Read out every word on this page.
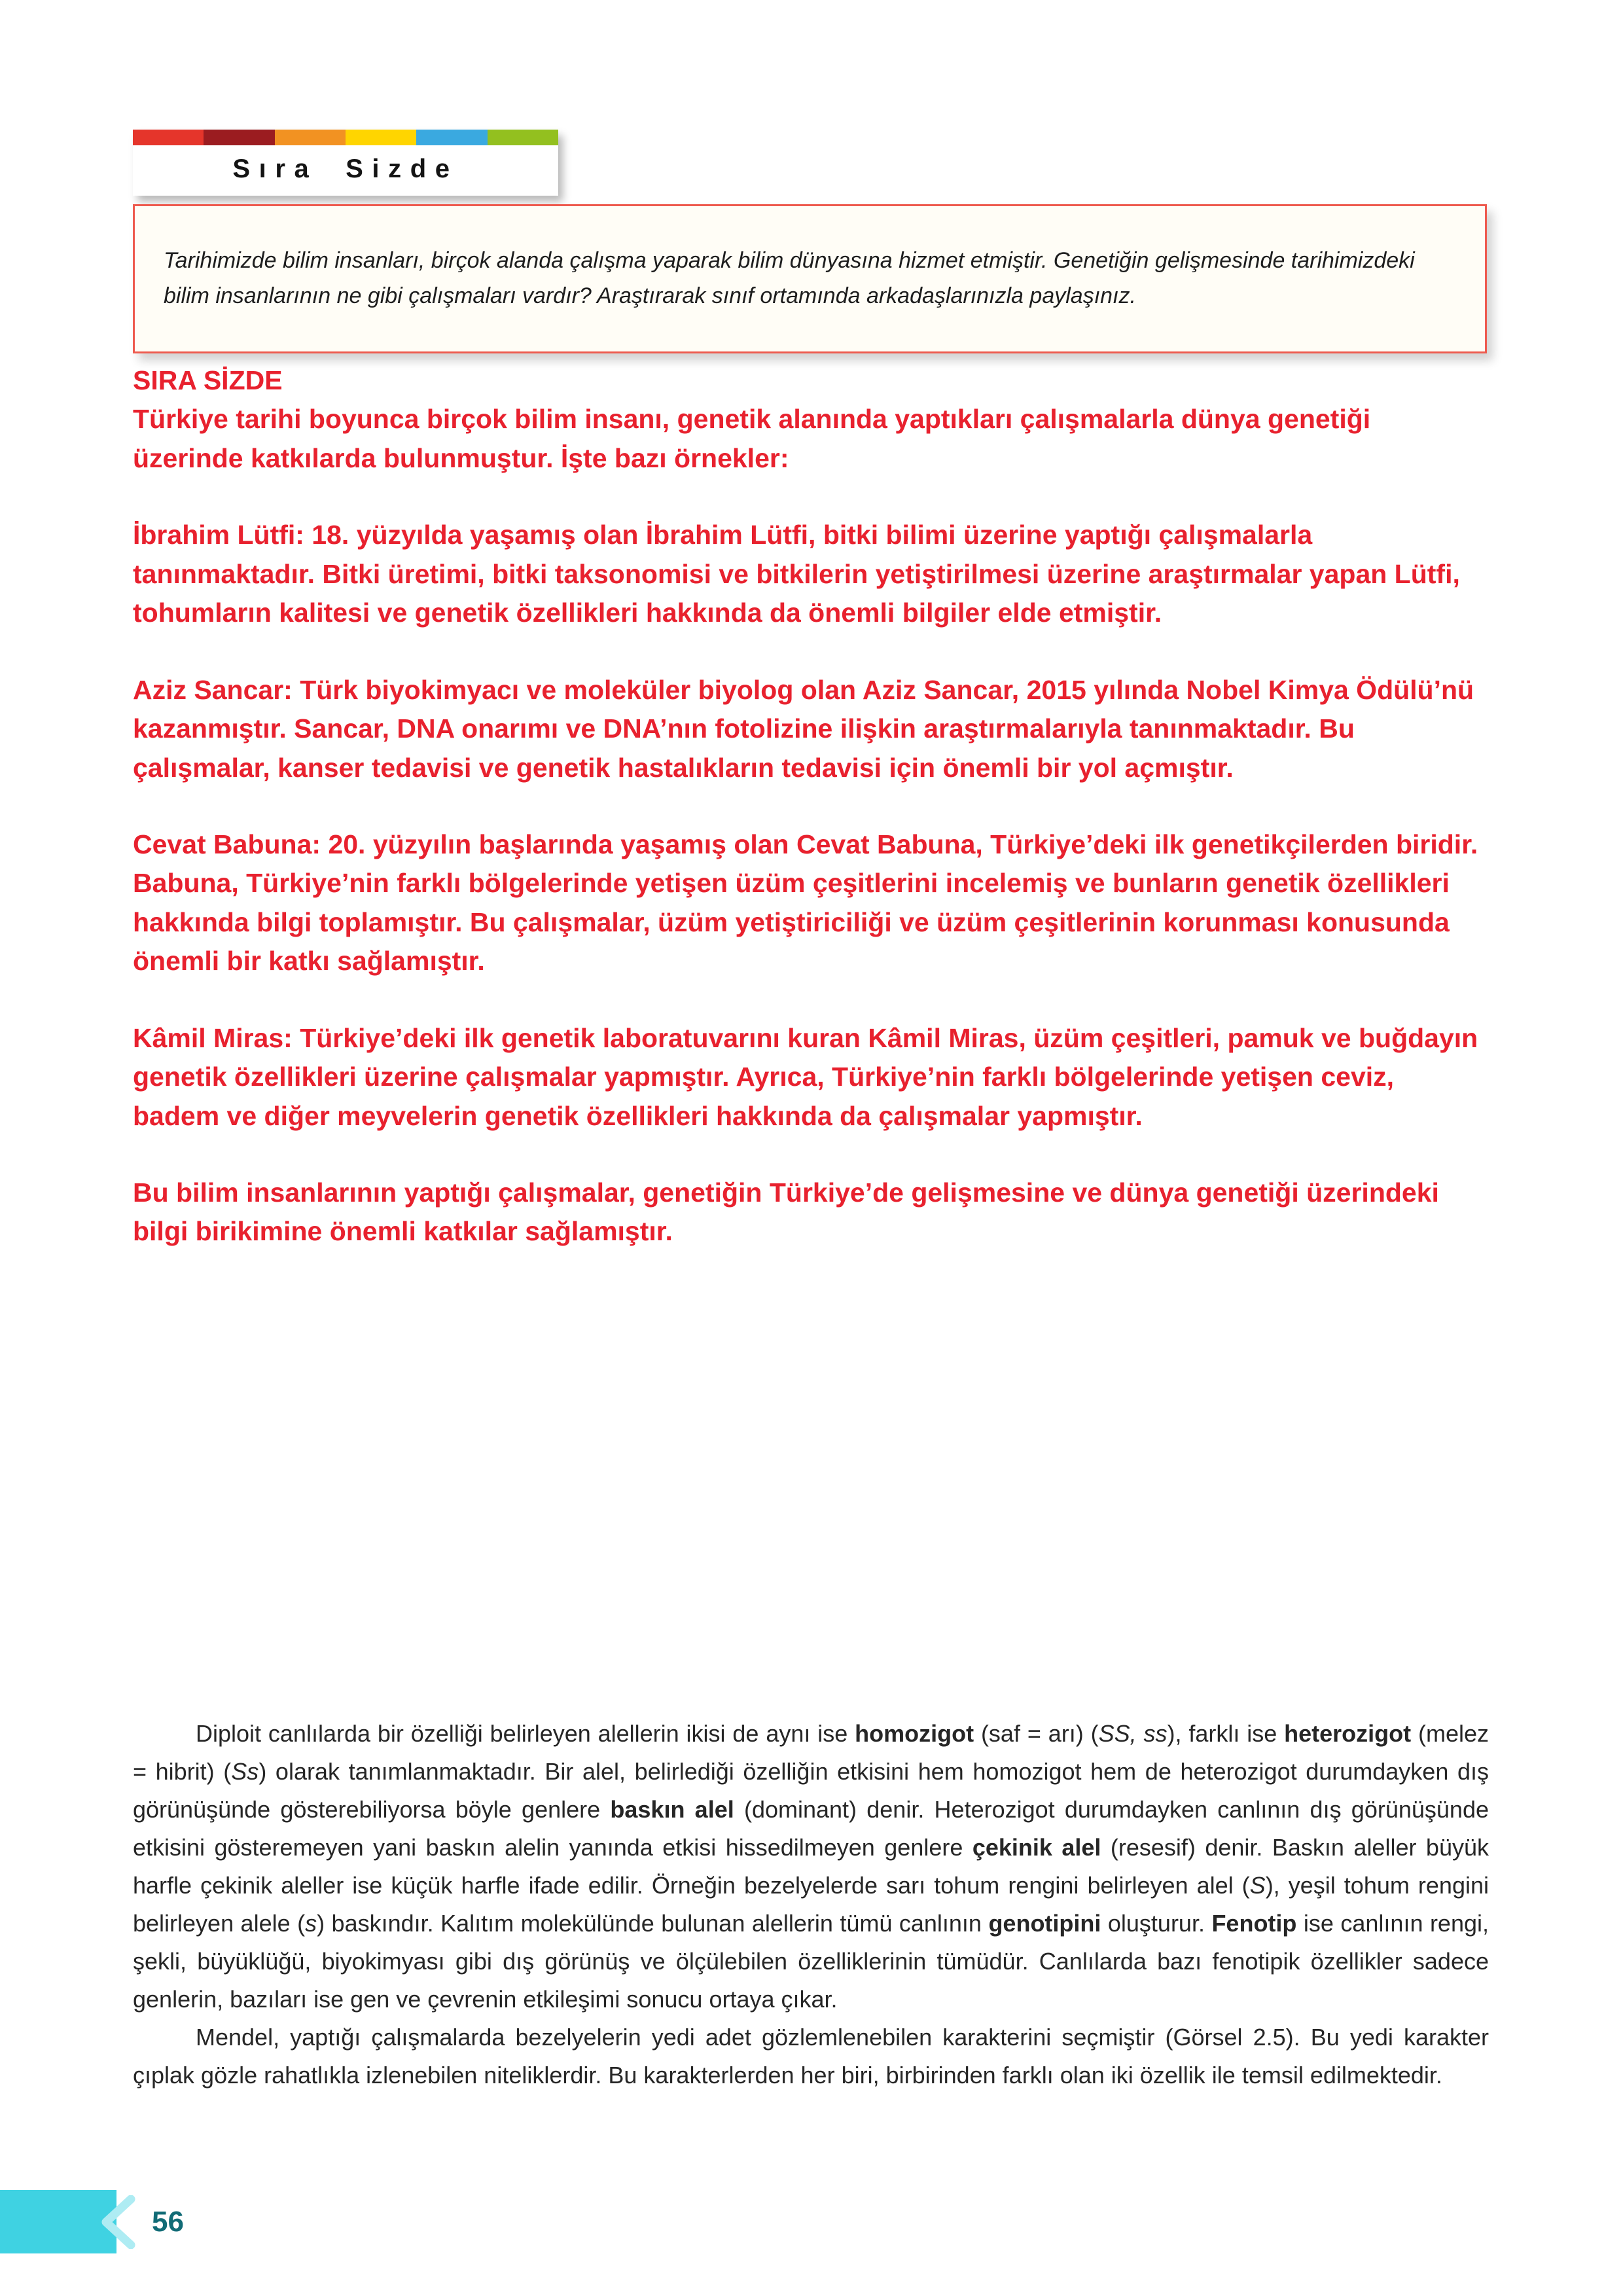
Sıra Sizde

Tarihimizde bilim insanları, birçok alanda çalışma yaparak bilim dünyasına hizmet etmiştir. Genetiğin gelişmesinde tarihimizdeki bilim insanlarının ne gibi çalışmaları vardır? Araştırarak sınıf ortamında arkadaşlarınızla paylaşınız.

SIRA SİZDE

Türkiye tarihi boyunca birçok bilim insanı, genetik alanında yaptıkları çalışmalarla dünya genetiği üzerinde katkılarda bulunmuştur. İşte bazı örnekler:

İbrahim Lütfi: 18. yüzyılda yaşamış olan İbrahim Lütfi, bitki bilimi üzerine yaptığı çalışmalarla tanınmaktadır. Bitki üretimi, bitki taksonomisi ve bitkilerin yetiştirilmesi üzerine araştırmalar yapan Lütfi, tohumların kalitesi ve genetik özellikleri hakkında da önemli bilgiler elde etmiştir.

Aziz Sancar: Türk biyokimyacı ve moleküler biyolog olan Aziz Sancar, 2015 yılında Nobel Kimya Ödülü’nü kazanmıştır. Sancar, DNA onarımı ve DNA’nın fotolizine ilişkin araştırmalarıyla tanınmaktadır. Bu çalışmalar, kanser tedavisi ve genetik hastalıkların tedavisi için önemli bir yol açmıştır.

Cevat Babuna: 20. yüzyılın başlarında yaşamış olan Cevat Babuna, Türkiye’deki ilk genetikçilerden biridir. Babuna, Türkiye’nin farklı bölgelerinde yetişen üzüm çeşitlerini incelemiş ve bunların genetik özellikleri hakkında bilgi toplamıştır. Bu çalışmalar, üzüm yetiştiriciliği ve üzüm çeşitlerinin korunması konusunda önemli bir katkı sağlamıştır.

Kâmil Miras: Türkiye’deki ilk genetik laboratuvarını kuran Kâmil Miras, üzüm çeşitleri, pamuk ve buğdayın genetik özellikleri üzerine çalışmalar yapmıştır. Ayrıca, Türkiye’nin farklı bölgelerinde yetişen ceviz, badem ve diğer meyvelerin genetik özellikleri hakkında da çalışmalar yapmıştır.

Bu bilim insanlarının yaptığı çalışmalar, genetiğin Türkiye’de gelişmesine ve dünya genetiği üzerindeki bilgi birikimine önemli katkılar sağlamıştır.

Diploit canlılarda bir özelliği belirleyen alellerin ikisi de aynı ise homozigot (saf = arı) (SS, ss), farklı ise heterozigot (melez = hibrit) (Ss) olarak tanımlanmaktadır. Bir alel, belirlediği özelliğin etkisini hem homozigot hem de heterozigot durumdayken dış görünüşünde gösterebiliyorsa böyle genlere baskın alel (dominant) denir. Heterozigot durumdayken canlının dış görünüşünde etkisini gösteremeyen yani baskın alelin yanında etkisi hissedilmeyen genlere çekinik alel (resesif) denir. Baskın aleller büyük harfle çekinik aleller ise küçük harfle ifade edilir. Örneğin bezelyelerde sarı tohum rengini belirleyen alel (S), yeşil tohum rengini belirleyen alele (s) baskındır. Kalıtım molekülünde bulunan alellerin tümü canlının genotipini oluşturur. Fenotip ise canlının rengi, şekli, büyüklüğü, biyokimyası gibi dış görünüş ve ölçülebilen özelliklerinin tümüdür. Canlılarda bazı fenotipik özellikler sadece genlerin, bazıları ise gen ve çevrenin etkileşimi sonucu ortaya çıkar.

Mendel, yaptığı çalışmalarda bezelyelerin yedi adet gözlemlenebilen karakterini seçmiştir (Görsel 2.5). Bu yedi karakter çıplak gözle rahatlıkla izlenebilen niteliklerdir. Bu karakterlerden her biri, birbirinden farklı olan iki özellik ile temsil edilmektedir.

56
